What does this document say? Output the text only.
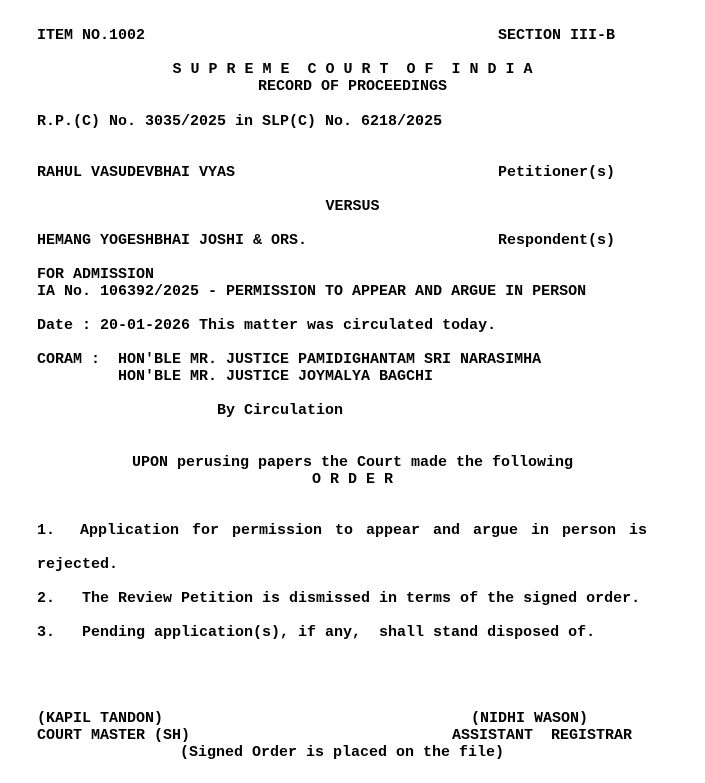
ITEM NO.1002	SECTION III-B
S U P R E M E  C O U R T  O F  I N D I A
RECORD OF PROCEEDINGS
R.P.(C) No. 3035/2025 in SLP(C) No. 6218/2025
RAHUL VASUDEVBHAI VYAS	Petitioner(s)
VERSUS
HEMANG YOGESHBHAI JOSHI & ORS.	Respondent(s)
FOR ADMISSION
IA No. 106392/2025 - PERMISSION TO APPEAR AND ARGUE IN PERSON
Date : 20-01-2026 This matter was circulated today.
CORAM : HON'BLE MR. JUSTICE PAMIDIGHANTAM SRI NARASIMHA
HON'BLE MR. JUSTICE JOYMALYA BAGCHI
By Circulation
UPON perusing papers the Court made the following
O R D E R
1. Application for permission to appear and argue in person is
rejected.
2. The Review Petition is dismissed in terms of the signed order.
3. Pending application(s), if any,  shall stand disposed of.
(KAPIL TANDON)
COURT MASTER (SH)
(NIDHI WASON)
ASSISTANT  REGISTRAR
(Signed Order is placed on the file)
